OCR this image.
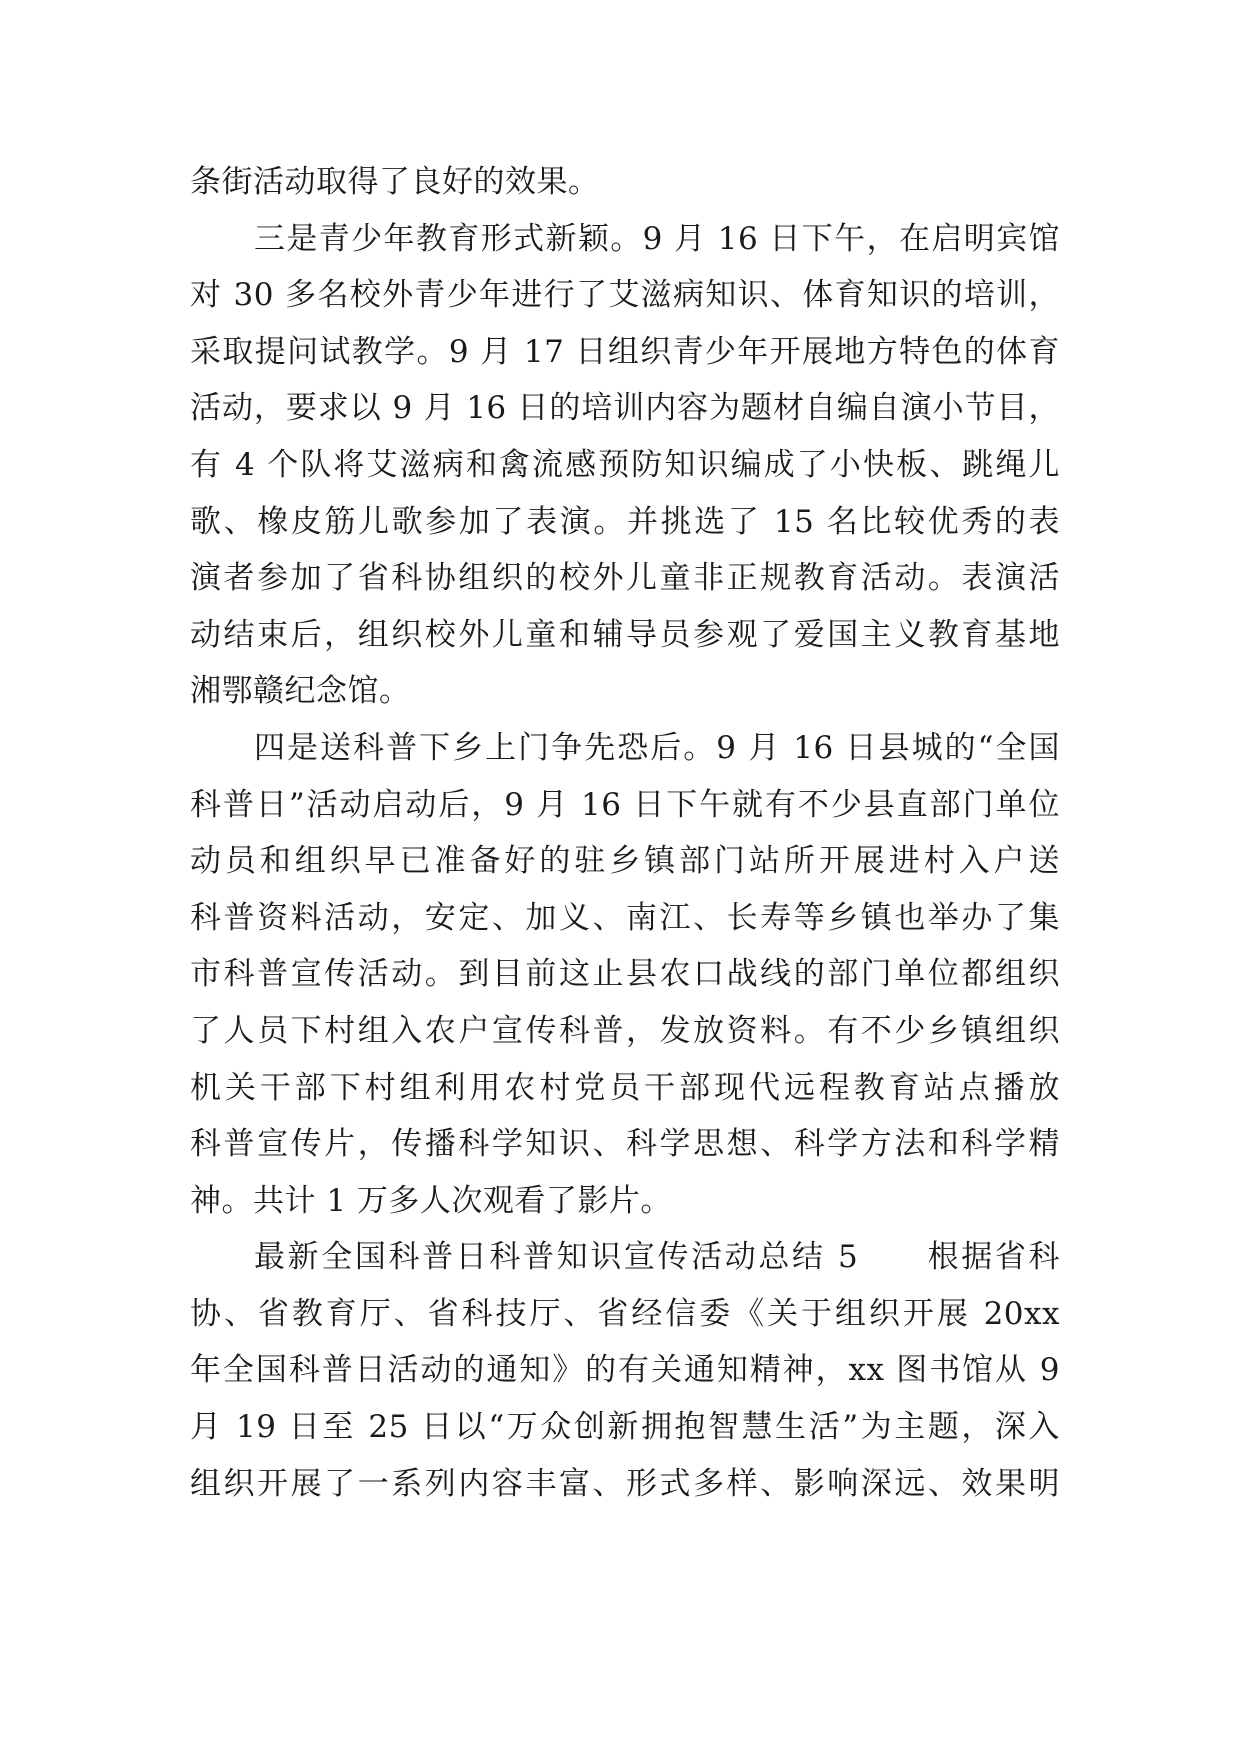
条街活动取得了良好的效果。
三是青少年教育形式新颖。9 月 16 日下午，在启明宾馆
对 30 多名校外青少年进行了艾滋病知识、体育知识的培训，
采取提问试教学。9 月 17 日组织青少年开展地方特色的体育
活动，要求以 9 月 16 日的培训内容为题材自编自演小节目，
有 4 个队将艾滋病和禽流感预防知识编成了小快板、跳绳儿
歌、橡皮筋儿歌参加了表演。并挑选了 15 名比较优秀的表
演者参加了省科协组织的校外儿童非正规教育活动。表演活
动结束后，组织校外儿童和辅导员参观了爱国主义教育基地
湘鄂赣纪念馆。
四是送科普下乡上门争先恐后。9 月 16 日县城的“全国
科普日”活动启动后，9 月 16 日下午就有不少县直部门单位
动员和组织早已准备好的驻乡镇部门站所开展进村入户送
科普资料活动，安定、加义、南江、长寿等乡镇也举办了集
市科普宣传活动。到目前这止县农口战线的部门单位都组织
了人员下村组入农户宣传科普，发放资料。有不少乡镇组织
机关干部下村组利用农村党员干部现代远程教育站点播放
科普宣传片，传播科学知识、科学思想、科学方法和科学精
神。共计 1 万多人次观看了影片。
最新全国科普日科普知识宣传活动总结 5　　根据省科
协、省教育厅、省科技厅、省经信委《关于组织开展 20xx
年全国科普日活动的通知》的有关通知精神，xx 图书馆从 9
月 19 日至 25 日以“万众创新拥抱智慧生活”为主题，深入
组织开展了一系列内容丰富、形式多样、影响深远、效果明
